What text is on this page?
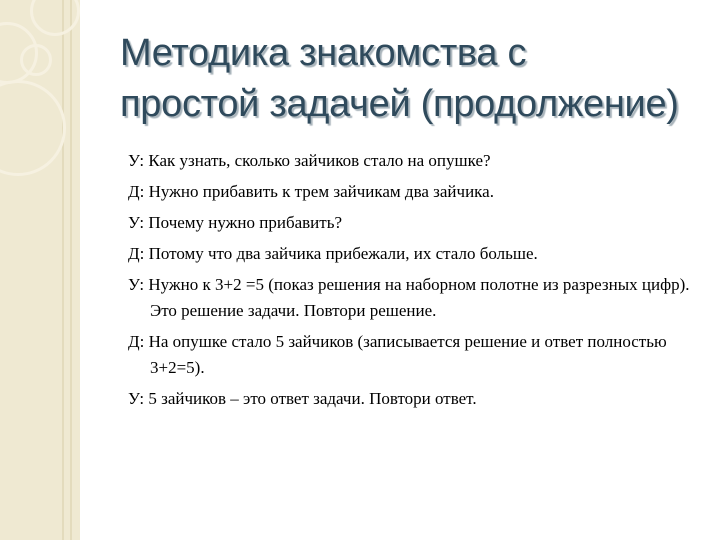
Методика знакомства с
простой задачей (продолжение)
У: Как узнать, сколько зайчиков стало на опушке?
Д: Нужно прибавить к трем зайчикам два зайчика.
У: Почему нужно прибавить?
Д: Потому что два зайчика прибежали, их стало больше.
У: Нужно к 3+2 =5 (показ решения на наборном полотне из разрезных цифр). Это решение задачи. Повтори решение.
Д: На опушке стало 5 зайчиков (записывается решение и ответ полностью 3+2=5).
У: 5 зайчиков – это ответ задачи. Повтори ответ.
